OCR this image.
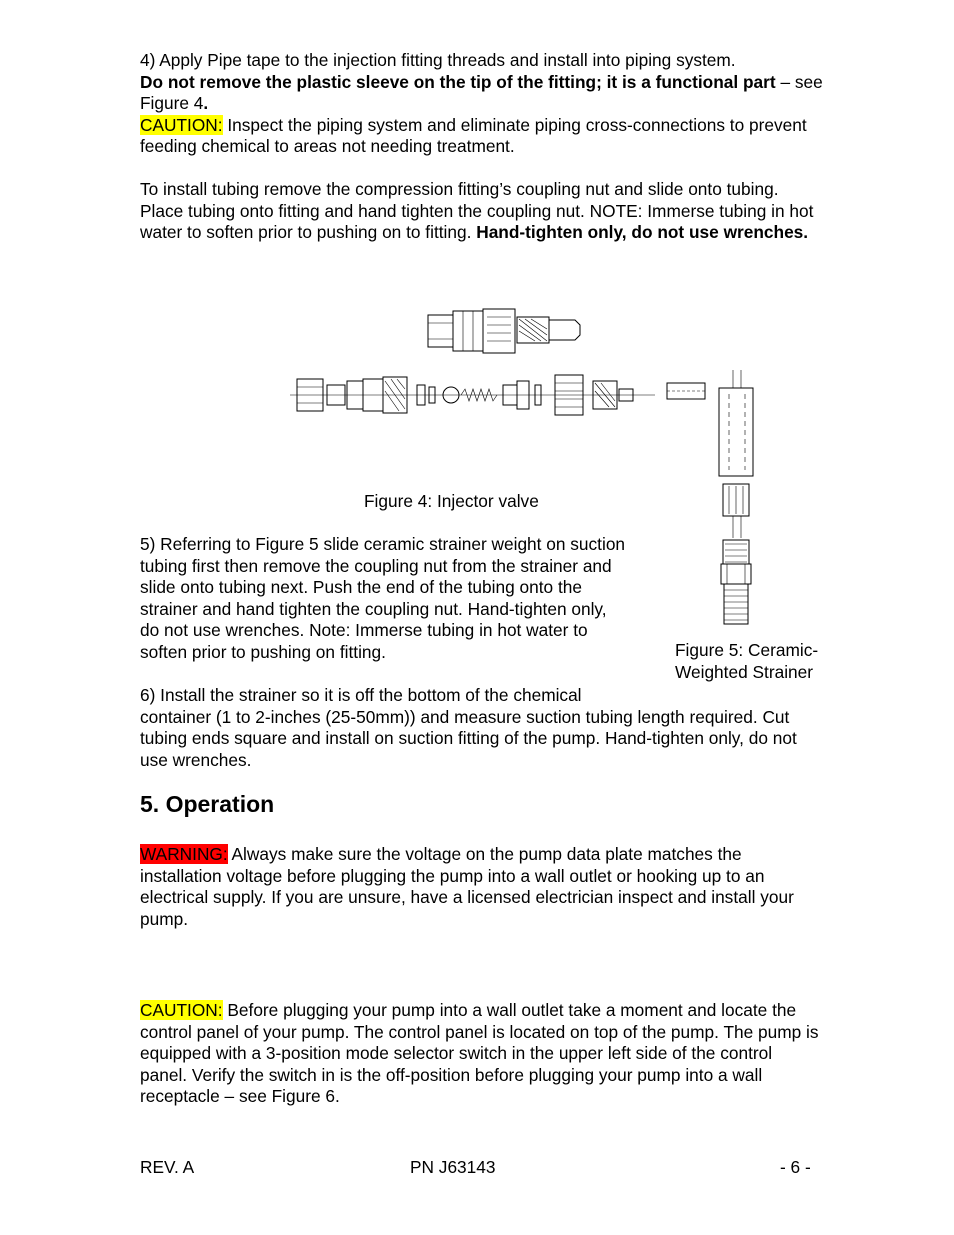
4) Apply Pipe tape to the injection fitting threads and install into piping system.

Do not remove the plastic sleeve on the tip of the fitting; it is a functional part – see Figure 4.

CAUTION: Inspect the piping system and eliminate piping cross-connections to prevent feeding chemical to areas not needing treatment.

To install tubing remove the compression fitting’s coupling nut and slide onto tubing. Place tubing onto fitting and hand tighten the coupling nut. NOTE: Immerse tubing in hot water to soften prior to pushing on to fitting. Hand-tighten only, do not use wrenches.
Figure 4: Injector valve

Figure 5: Ceramic-

Weighted Strainer

5) Referring to Figure 5 slide ceramic strainer weight on suction tubing first then remove the coupling nut from the strainer and slide onto tubing next. Push the end of the tubing onto the strainer and hand tighten the coupling nut. Hand-tighten only, do not use wrenches. Note: Immerse tubing in hot water to soften prior to pushing on fitting.

6) Install the strainer so it is off the bottom of the chemical

container (1 to 2-inches (25-50mm)) and measure suction tubing length required. Cut tubing ends square and install on suction fitting of the pump. Hand-tighten only, do not use wrenches.

5. Operation
WARNING: Always make sure the voltage on the pump data plate matches the installation voltage before plugging the pump into a wall outlet or hooking up to an electrical supply. If you are unsure, have a licensed electrician inspect and install your pump.
CAUTION: Before plugging your pump into a wall outlet take a moment and locate the control panel of your pump. The control panel is located on top of the pump. The pump is equipped with a 3-position mode selector switch in the upper left side of the control panel. Verify the switch in is the off-position before plugging your pump into a wall receptacle – see Figure 6.
REV. A	PN J63143	- 6 -
